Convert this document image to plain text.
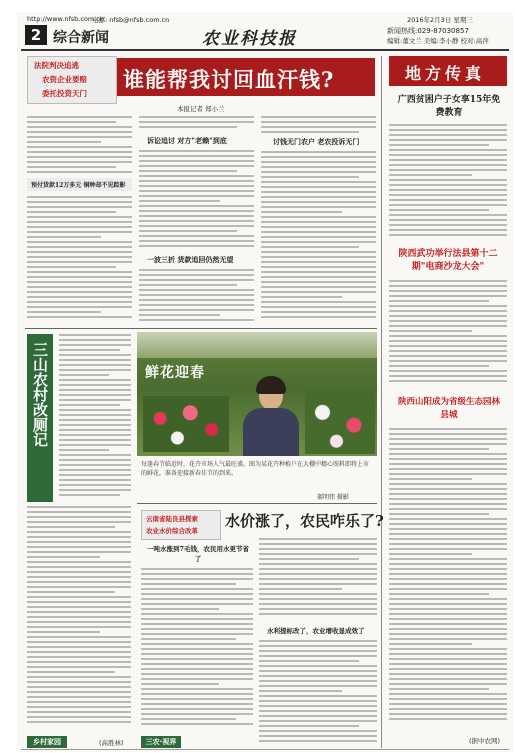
http://www.nfsb.com.cn
电邮: nfsb@nfsb.com.cn	2016年2月3日 星期三
2 综合新闻	农业科技报	新闻热线:029-87030857
编辑:董文兰 美编:李小静 校对:高萍
法院判决追逃
农资企业要赔
委托投资天门
谁能帮我讨回血汗钱?
本报记者 郑小兰
预付货款12万多元 铜种却不见踪影
诉讼追讨 对方"老赖"到底
一波三折 货款追回仍然无望
讨钱无门农户 老农投诉无门
三山农村改厕记
乡村家园	(高胜林)
鲜花迎春
每逢春节临近时，花卉市场人气最旺盛。图为某花卉种植户在大棚中精心照料即将上市的鲜花，准备迎接新春佳节的到来。
郝明伟 摄影
云南省陆良县探索
农业水价综合改革
水价涨了，农民咋乐了?
一吨水涨到7毛钱，农民用水更节省了
三农·视界
水利提标改了，农业增收显成效了
地方传真
广西贫困户子女享15年免费教育
陕西武功举行法县第十二期"电商沙龙大会"
陕西山阳成为省级生态园林县城
(据中农网)
